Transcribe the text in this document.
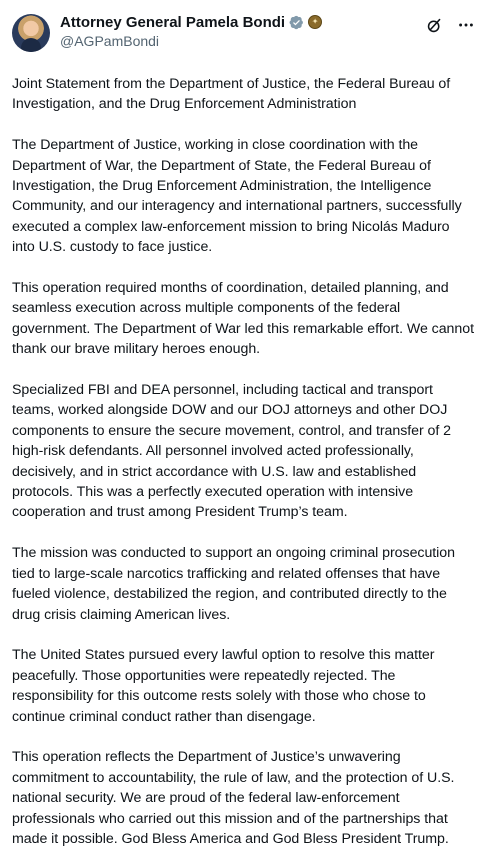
Attorney General Pamela Bondi	✦
@AGPamBondi

Joint Statement from the Department of Justice, the Federal Bureau of Investigation, and the Drug Enforcement Administration

The Department of Justice, working in close coordination with the Department of War, the Department of State, the Federal Bureau of Investigation, the Drug Enforcement Administration, the Intelligence Community, and our interagency and international partners, successfully executed a complex law-enforcement mission to bring Nicolás Maduro into U.S. custody to face justice.

This operation required months of coordination, detailed planning, and seamless execution across multiple components of the federal government. The Department of War led this remarkable effort. We cannot thank our brave military heroes enough.

Specialized FBI and DEA personnel, including tactical and transport teams, worked alongside DOW and our DOJ attorneys and other DOJ components to ensure the secure movement, control, and transfer of 2 high-risk defendants. All personnel involved acted professionally, decisively, and in strict accordance with U.S. law and established protocols. This was a perfectly executed operation with intensive cooperation and trust among President Trump’s team.

The mission was conducted to support an ongoing criminal prosecution tied to large-scale narcotics trafficking and related offenses that have fueled violence, destabilized the region, and contributed directly to the drug crisis claiming American lives.

The United States pursued every lawful option to resolve this matter peacefully. Those opportunities were repeatedly rejected. The responsibility for this outcome rests solely with those who chose to continue criminal conduct rather than disengage.

This operation reflects the Department of Justice’s unwavering commitment to accountability, the rule of law, and the protection of U.S. national security. We are proud of the federal law-enforcement professionals who carried out this mission and of the partnerships that made it possible. God Bless America and God Bless President Trump.
